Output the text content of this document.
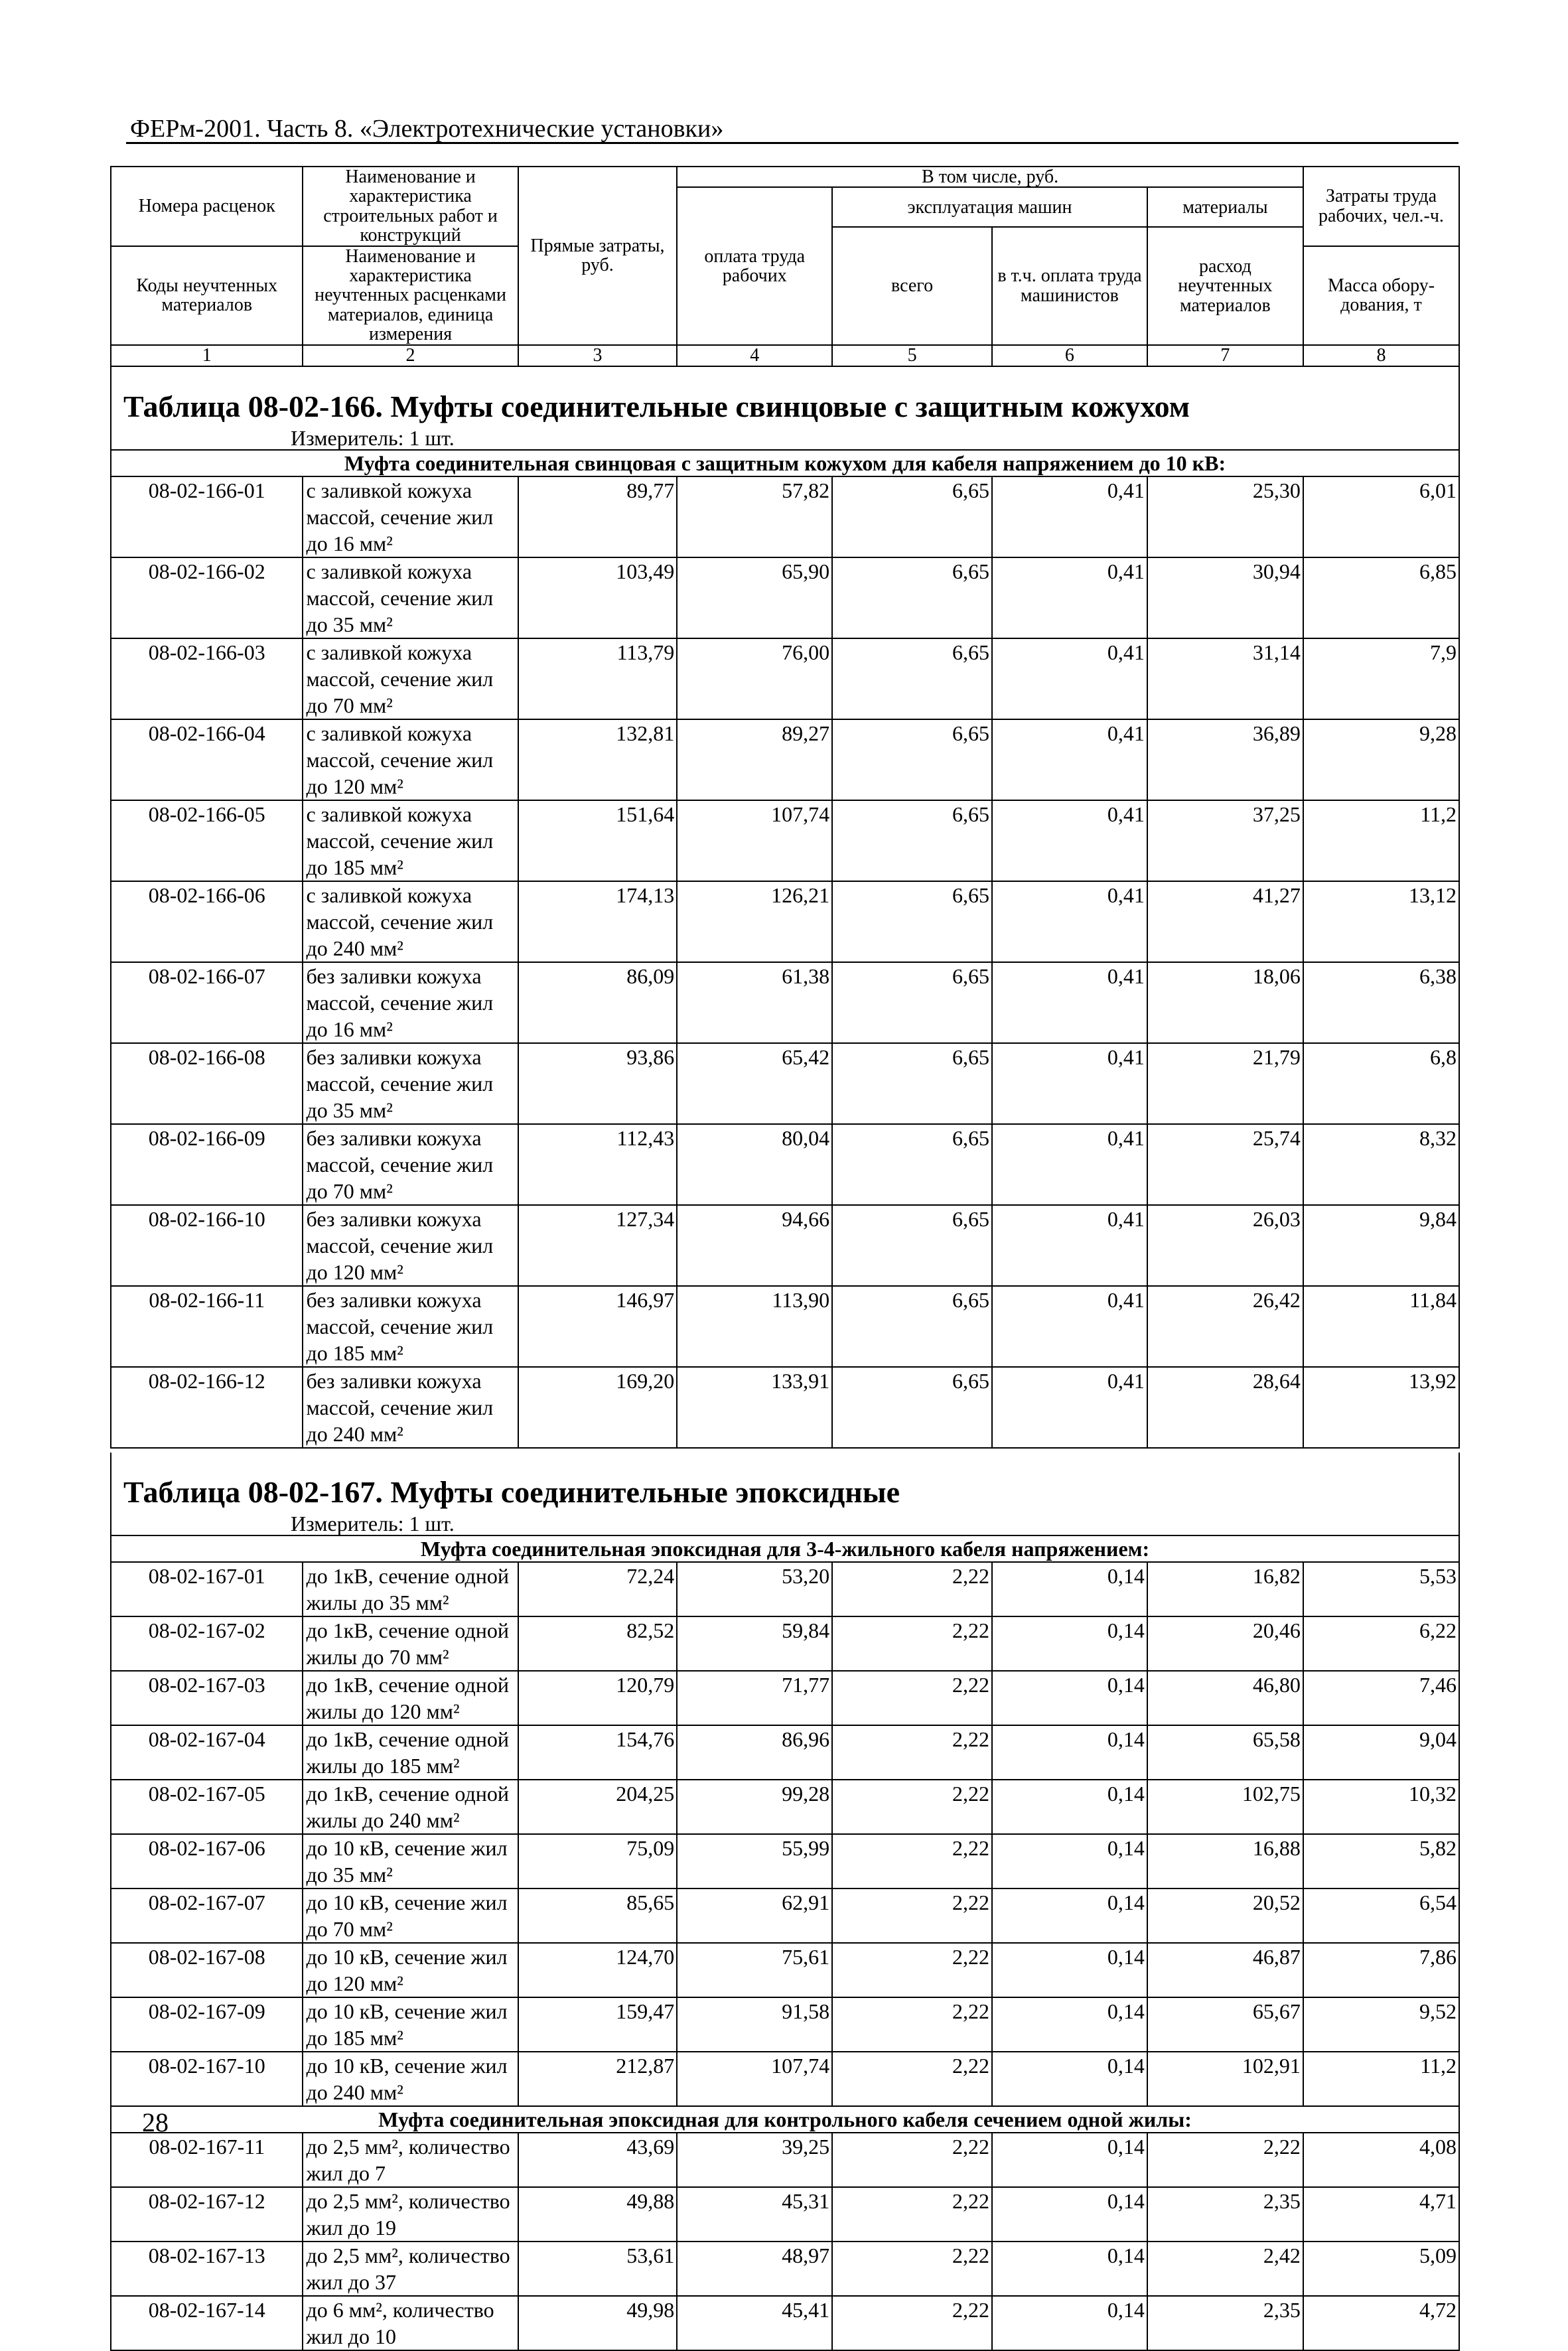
ФЕРм-2001. Часть 8. «Электротехнические установки»
Номера расценок	Наименование и характеристика строительных работ и конструкций	Прямые затраты, руб.	В том числе, руб.				Затраты труда рабочих, чел.-ч.
			оплата труда рабочих	эксплуатация машин		материалы	
				всего	в т.ч. оплата труда машинистов	расход неучтенных материалов	
Коды неучтенных материалов	Наименование и характеристика неучтенных расценками материалов, единица измерения						
							Масса обору-дования, т

1	2	3	4	5	6	7	8
Таблица 08-02-166. Муфты соединительные свинцовые с защитным кожухом							
Измеритель: 1 шт.							
Муфта соединительная свинцовая с защитным кожухом для кабеля напряжением до 10 кВ:							
08-02-166-01	с заливкой кожуха массой, сечение жил до 16 мм²	89,77	57,82	6,65	0,41	25,30	6,01
08-02-166-02	с заливкой кожуха массой, сечение жил до 35 мм²	103,49	65,90	6,65	0,41	30,94	6,85
08-02-166-03	с заливкой кожуха массой, сечение жил до 70 мм²	113,79	76,00	6,65	0,41	31,14	7,9
08-02-166-04	с заливкой кожуха массой, сечение жил до 120 мм²	132,81	89,27	6,65	0,41	36,89	9,28
08-02-166-05	с заливкой кожуха массой, сечение жил до 185 мм²	151,64	107,74	6,65	0,41	37,25	11,2
08-02-166-06	с заливкой кожуха массой, сечение жил до 240 мм²	174,13	126,21	6,65	0,41	41,27	13,12
08-02-166-07	без заливки кожуха массой, сечение жил до 16 мм²	86,09	61,38	6,65	0,41	18,06	6,38
08-02-166-08	без заливки кожуха массой, сечение жил до 35 мм²	93,86	65,42	6,65	0,41	21,79	6,8
08-02-166-09	без заливки кожуха массой, сечение жил до 70 мм²	112,43	80,04	6,65	0,41	25,74	8,32
08-02-166-10	без заливки кожуха массой, сечение жил до 120 мм²	127,34	94,66	6,65	0,41	26,03	9,84
08-02-166-11	без заливки кожуха массой, сечение жил до 185 мм²	146,97	113,90	6,65	0,41	26,42	11,84
08-02-166-12	без заливки кожуха массой, сечение жил до 240 мм²	169,20	133,91	6,65	0,41	28,64	13,92

Таблица 08-02-167. Муфты соединительные эпоксидные							
Измеритель: 1 шт.							
Муфта соединительная эпоксидная для 3-4-жильного кабеля напряжением:							
08-02-167-01	до 1кВ, сечение одной жилы до 35 мм²	72,24	53,20	2,22	0,14	16,82	5,53
08-02-167-02	до 1кВ, сечение одной жилы до 70 мм²	82,52	59,84	2,22	0,14	20,46	6,22
08-02-167-03	до 1кВ, сечение одной жилы до 120 мм²	120,79	71,77	2,22	0,14	46,80	7,46
08-02-167-04	до 1кВ, сечение одной жилы до 185 мм²	154,76	86,96	2,22	0,14	65,58	9,04
08-02-167-05	до 1кВ, сечение одной жилы до 240 мм²	204,25	99,28	2,22	0,14	102,75	10,32
08-02-167-06	до 10 кВ, сечение жил до 35 мм²	75,09	55,99	2,22	0,14	16,88	5,82
08-02-167-07	до 10 кВ, сечение жил до 70 мм²	85,65	62,91	2,22	0,14	20,52	6,54
08-02-167-08	до 10 кВ, сечение жил до 120 мм²	124,70	75,61	2,22	0,14	46,87	7,86
08-02-167-09	до 10 кВ, сечение жил до 185 мм²	159,47	91,58	2,22	0,14	65,67	9,52
08-02-167-10	до 10 кВ, сечение жил до 240 мм²	212,87	107,74	2,22	0,14	102,91	11,2
Муфта соединительная эпоксидная для контрольного кабеля сечением одной жилы:							
08-02-167-11	до 2,5 мм², количество жил до 7	43,69	39,25	2,22	0,14	2,22	4,08
08-02-167-12	до 2,5 мм², количество жил до 19	49,88	45,31	2,22	0,14	2,35	4,71
08-02-167-13	до 2,5 мм², количество жил до 37	53,61	48,97	2,22	0,14	2,42	5,09
08-02-167-14	до 6 мм², количество жил до 10	49,98	45,41	2,22	0,14	2,35	4,72
28
